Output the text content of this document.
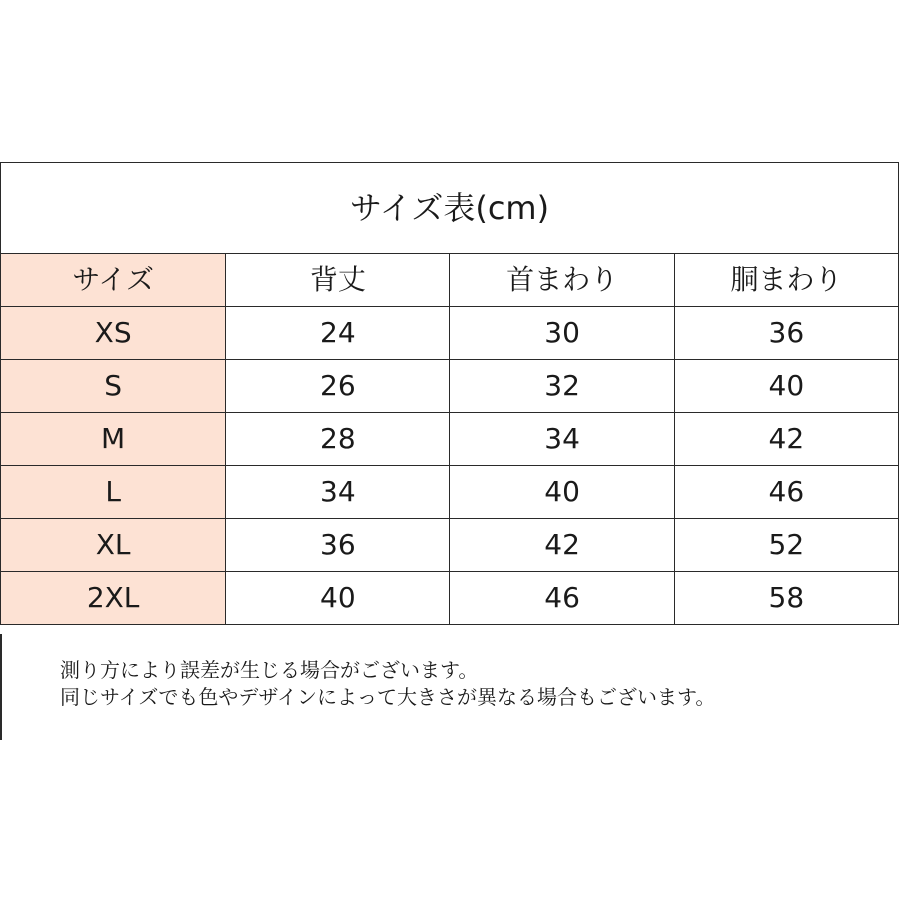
サイズ表(cm)			
サイズ	背丈	首まわり	胴まわり
XS	24	30	36
S	26	32	40
M	28	34	42
L	34	40	46
XL	36	42	52
2XL	40	46	58
測り方により誤差が生じる場合がございます。
同じサイズでも色やデザインによって大きさが異なる場合もございます。
